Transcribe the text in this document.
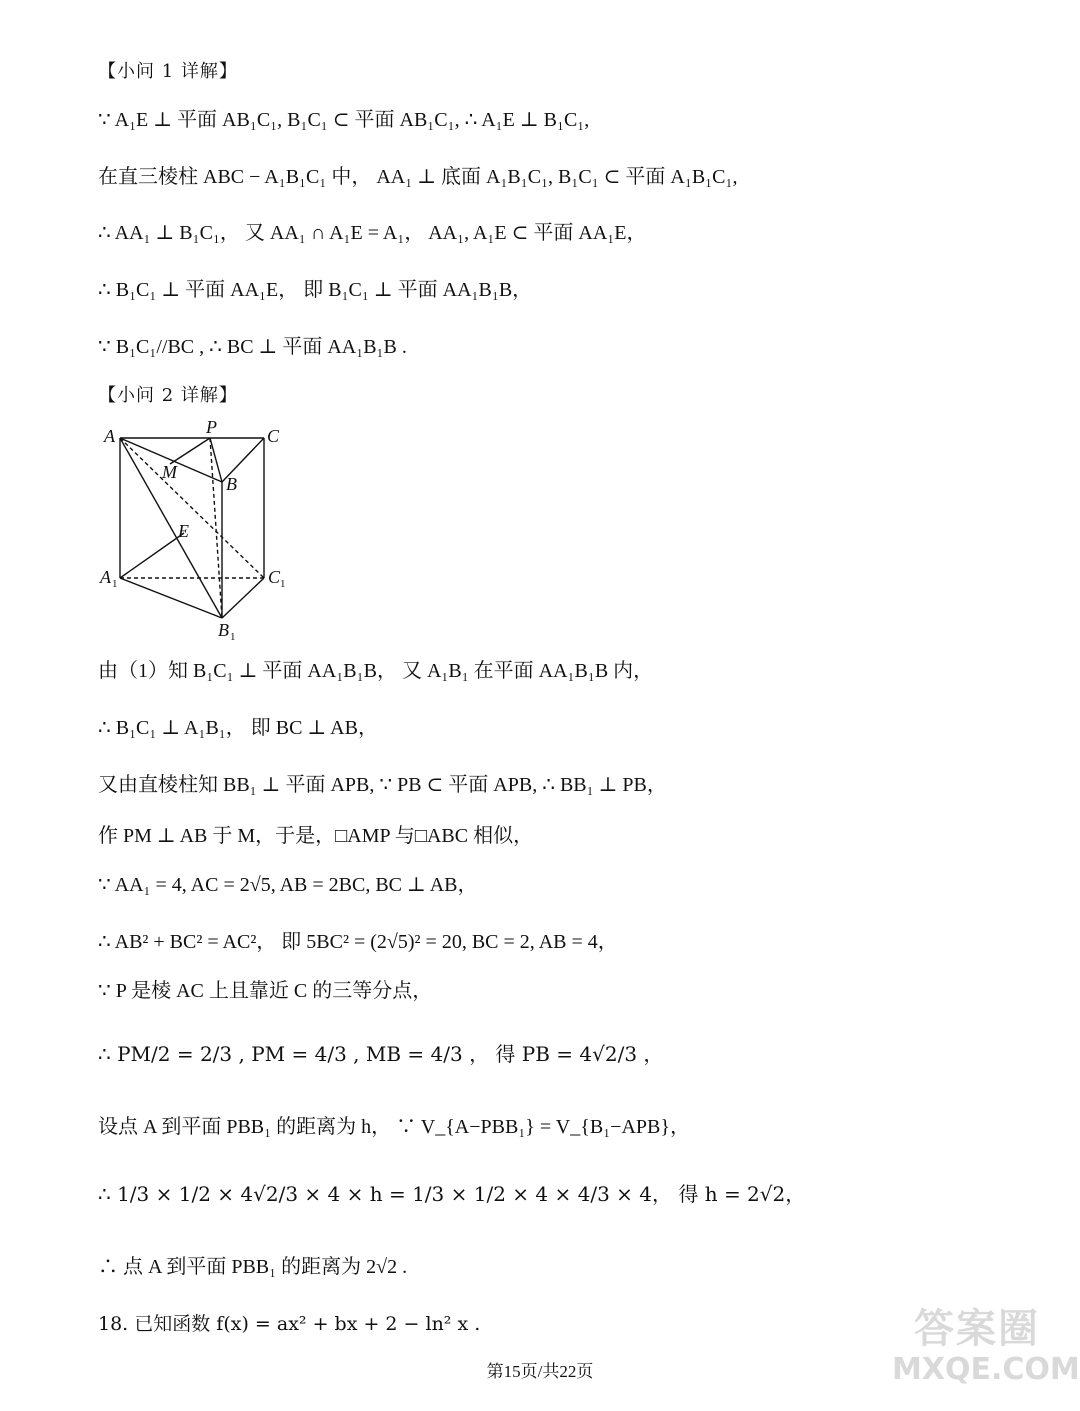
【小问 1 详解】
∵ A₁E ⊥ 平面 AB₁C₁, B₁C₁ ⊂ 平面 AB₁C₁, ∴ A₁E ⊥ B₁C₁,
在直三棱柱 ABC − A₁B₁C₁ 中， AA₁ ⊥ 底面 A₁B₁C₁, B₁C₁ ⊂ 平面 A₁B₁C₁,
∴ AA₁ ⊥ B₁C₁， 又 AA₁ ∩ A₁E = A₁， AA₁, A₁E ⊂ 平面 AA₁E，
∴ B₁C₁ ⊥ 平面 AA₁E， 即 B₁C₁ ⊥ 平面 AA₁B₁B，
∵ B₁C₁//BC , ∴ BC ⊥ 平面 AA₁B₁B .
【小问 2 详解】
A	P	C
M
B
E
A 1	C 1
B 1
由（1）知 B₁C₁ ⊥ 平面 AA₁B₁B， 又 A₁B₁ 在平面 AA₁B₁B 内，
∴ B₁C₁ ⊥ A₁B₁， 即 BC ⊥ AB，
又由直棱柱知 BB₁ ⊥ 平面 APB, ∵ PB ⊂ 平面 APB, ∴ BB₁ ⊥ PB，
作 PM ⊥ AB 于 M，于是，□AMP 与□ABC 相似，
∵ AA₁ = 4, AC = 2√5, AB = 2BC, BC ⊥ AB，
∴ AB² + BC² = AC²， 即 5BC² = (2√5)² = 20, BC = 2, AB = 4，
∵ P 是棱 AC 上且靠近 C 的三等分点，
∴ PM/2 = 2/3 , PM = 4/3 , MB = 4/3 ， 得 PB = 4√2/3 ，
设点 A 到平面 PBB₁ 的距离为 h， ∵ V_{A−PBB₁} = V_{B₁−APB}，
∴ 1/3 × 1/2 × 4√2/3 × 4 × h = 1/3 × 1/2 × 4 × 4/3 × 4， 得 h = 2√2，
∴ 点 A 到平面 PBB₁ 的距离为 2√2 .
18. 已知函数 f(x) = ax² + bx + 2 − ln² x .
第15页/共22页
答案圈
MXQE.COM
